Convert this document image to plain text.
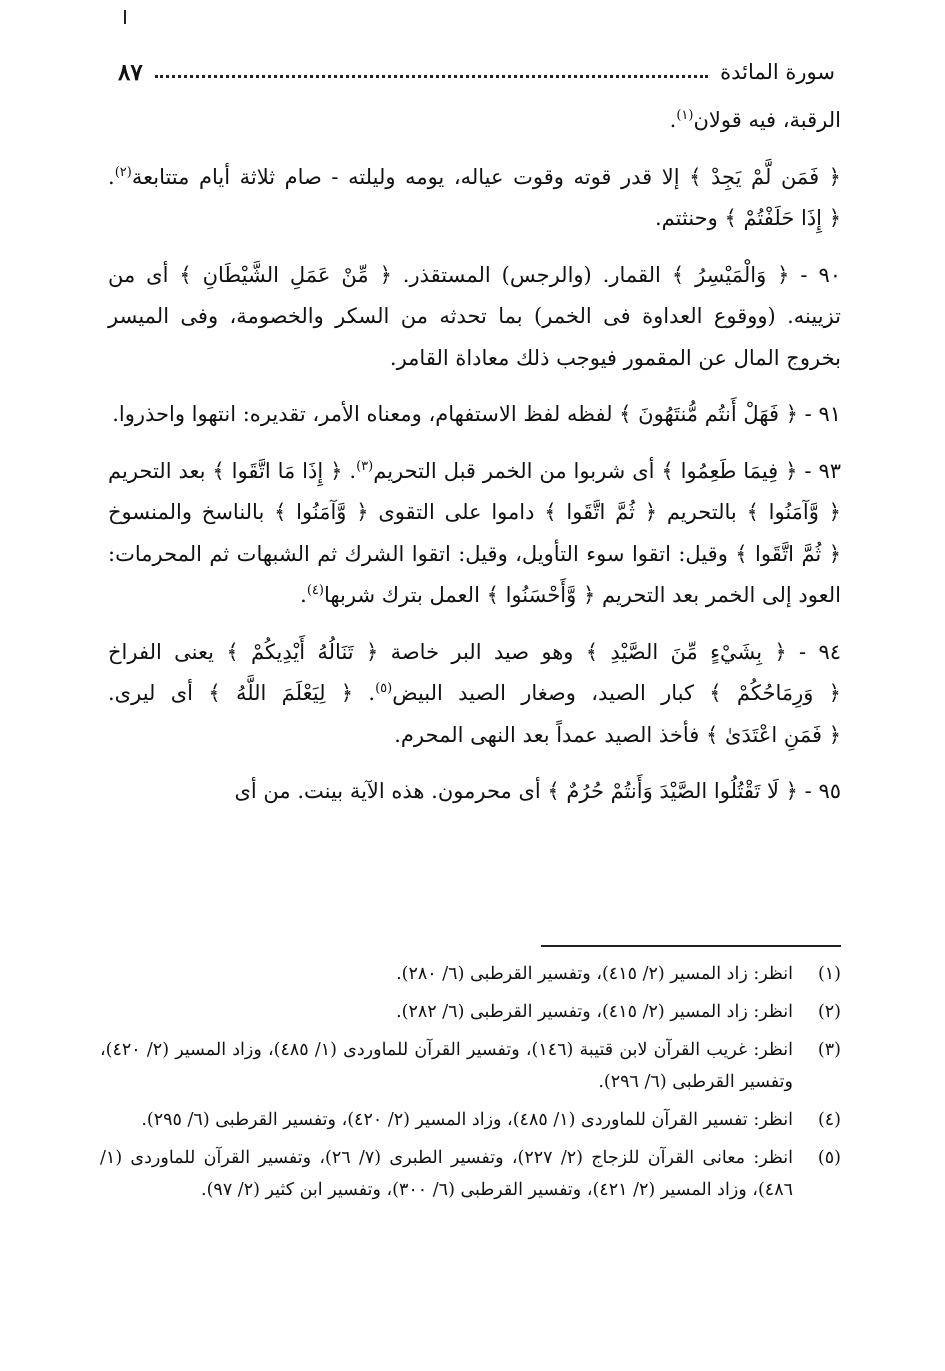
سورة المائدة
٨٧

الرقبة، فيه قولان$^{(١)}$.

﴿ فَمَن لَّمْ يَجِدْ ﴾ إلا قدر قوته وقوت عياله، يومه وليلته - صام ثلاثة أيام متتابعة$^{(٢)}$. ﴿ إِذَا حَلَفْتُمْ ﴾ وحنثتم.

٩٠ - ﴿ وَالْمَيْسِرُ ﴾ القمار. (والرجس) المستقذر. ﴿ مِّنْ عَمَلِ الشَّيْطَانِ ﴾ أى من تزيينه. (ووقوع العداوة فى الخمر) بما تحدثه من السكر والخصومة، وفى الميسر بخروج المال عن المقمور فيوجب ذلك معاداة القامر.

٩١ - ﴿ فَهَلْ أَنتُم مُّنتَهُونَ ﴾ لفظه لفظ الاستفهام، ومعناه الأمر، تقديره: انتهوا واحذروا.

٩٣ - ﴿ فِيمَا طَعِمُوا ﴾ أى شربوا من الخمر قبل التحريم$^{(٣)}$. ﴿ إِذَا مَا اتَّقَوا ﴾ بعد التحريم ﴿ وَّآمَنُوا ﴾ بالتحريم ﴿ ثُمَّ اتَّقَوا ﴾ داموا على التقوى ﴿ وَّآمَنُوا ﴾ بالناسخ والمنسوخ ﴿ ثُمَّ اتَّقَوا ﴾ وقيل: اتقوا سوء التأويل، وقيل: اتقوا الشرك ثم الشبهات ثم المحرمات: العود إلى الخمر بعد التحريم ﴿ وَّأَحْسَنُوا ﴾ العمل بترك شربها$^{(٤)}$.

٩٤ - ﴿ بِشَيْءٍ مِّنَ الصَّيْدِ ﴾ وهو صيد البر خاصة ﴿ تَنَالُهُ أَيْدِيكُمْ ﴾ يعنى الفراخ ﴿ وَرِمَاحُكُمْ ﴾ كبار الصيد، وصغار الصيد البيض$^{(٥)}$. ﴿ لِيَعْلَمَ اللَّهُ ﴾ أى ليرى. ﴿ فَمَنِ اعْتَدَىٰ ﴾ فأخذ الصيد عمداً بعد النهى المحرم.

٩٥ - ﴿ لَا تَقْتُلُوا الصَّيْدَ وَأَنتُمْ حُرُمٌ ﴾ أى محرمون. هذه الآية بينت. من أى

(١)انظر: زاد المسير (٢/ ٤١٥)، وتفسير القرطبى (٦/ ٢٨٠).
(٢)انظر: زاد المسير (٢/ ٤١٥)، وتفسير القرطبى (٦/ ٢٨٢).
(٣)انظر: غريب القرآن لابن قتيبة (١٤٦)، وتفسير القرآن للماوردى (١/ ٤٨٥)، وزاد المسير (٢/ ٤٢٠)، وتفسير القرطبى (٦/ ٢٩٦).
(٤)انظر: تفسير القرآن للماوردى (١/ ٤٨٥)، وزاد المسير (٢/ ٤٢٠)، وتفسير القرطبى (٦/ ٢٩٥).
(٥)انظر: معانى القرآن للزجاج (٢/ ٢٢٧)، وتفسير الطبرى (٧/ ٢٦)، وتفسير القرآن للماوردى (١/ ٤٨٦)، وزاد المسير (٢/ ٤٢١)، وتفسير القرطبى (٦/ ٣٠٠)، وتفسير ابن كثير (٢/ ٩٧).
